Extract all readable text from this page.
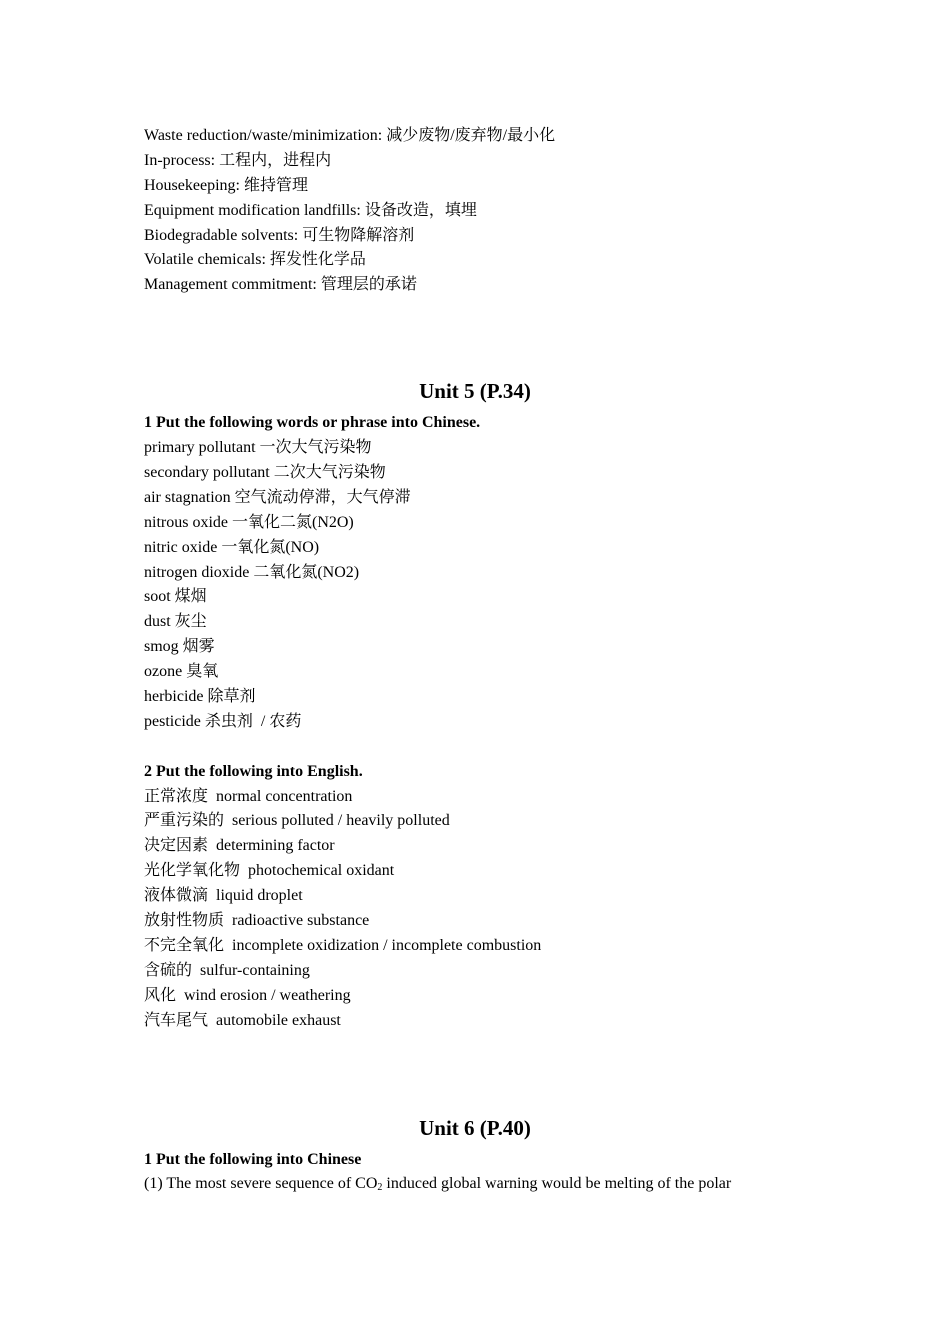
Waste reduction/waste/minimization: 减少废物/废弃物/最小化
In-process: 工程内，进程内
Housekeeping: 维持管理
Equipment modification landfills: 设备改造，填埋
Biodegradable solvents: 可生物降解溶剂
Volatile chemicals: 挥发性化学品
Management commitment: 管理层的承诺
Unit 5 (P.34)
1 Put the following words or phrase into Chinese.
primary pollutant 一次大气污染物
secondary pollutant 二次大气污染物
air stagnation 空气流动停滞，大气停滞
nitrous oxide 一氧化二氮(N2O)
nitric oxide 一氧化氮(NO)
nitrogen dioxide 二氧化氮(NO2)
soot 煤烟
dust 灰尘
smog 烟雾
ozone 臭氧
herbicide 除草剂
pesticide 杀虫剂  / 农药
2 Put the following into English.
正常浓度  normal concentration
严重污染的  serious polluted / heavily polluted
决定因素  determining factor
光化学氧化物  photochemical oxidant
液体微滴  liquid droplet
放射性物质  radioactive substance
不完全氧化  incomplete oxidization / incomplete combustion
含硫的  sulfur-containing
风化  wind erosion / weathering
汽车尾气  automobile exhaust
Unit 6 (P.40)
1 Put the following into Chinese
(1) The most severe sequence of $CO_2$ induced global warning would be melting of the polar
